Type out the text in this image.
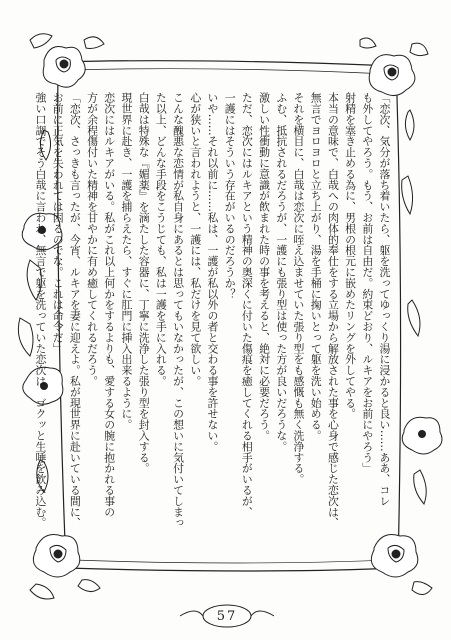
「恋次、気分が落ち着いたら、躯を洗ってゆっくり湯に浸かると良い……ああ、コレ

も外してやろう。もう、お前は自由だ。約束どおり、ルキアをお前にやろう」

射精を塞き止める為に、男根の根元に嵌めたリングを外してやる。

本当の意味で、白哉への肉体的奉仕をする立場から解放された事を心身で感じた恋次は、

無言でヨロヨロと立ち上がり、湯を手桶に掬いとって躯を洗い始める。

それを横目に、白哉は恋次に咥え込ませていた張り型をも感慨も無く洗浄する。

ふむ、抵抗されるだろうが、一護にも張り型は使った方が良いだろうな。

激しい性衝動に意識が飲まれた時の事を考えると、絶対に必要だろう。

ただ、恋次にはルキアという精神の奥深くに付いた傷痕を癒してくれる相手がいるが、

一護にはそういう存在がいるのだろうか？

いや……それ以前に……私は、一護が私以外の者と交わる事を許せない。

心が狭いと言われようと、一護には、私だけを見て欲しい。

こんな醜悪な恋情が私自身にあるとは思ってもいなかったが、この想いに気付いてしまっ

た以上、どんな手段をこうじても、私は一護を手に入れる。

白哉は特殊な『媚薬』を滴たした容器に、丁寧に洗浄した張り型を封入する。

現世界に赴き、一護を捕らえたら、すぐに肛門に挿入出来るように。

恋次にはルキアがいる。私がこれ以上何かをするよりも、愛する女の腕に抱かれる事の

方が余程傷付いた精神を甘やかに有め癒してくれるだろう。

「恋次、さっきも言ったが、今宵、ルキアを妻に迎えよ。私が現世界に赴いている間に、

お前に正気を失われては困るのでな。これは命令だ」

強い口調でそう白哉に言われ、無言で躯を洗っていた恋次は、ゴクッと生唾を飲み込む。

57
